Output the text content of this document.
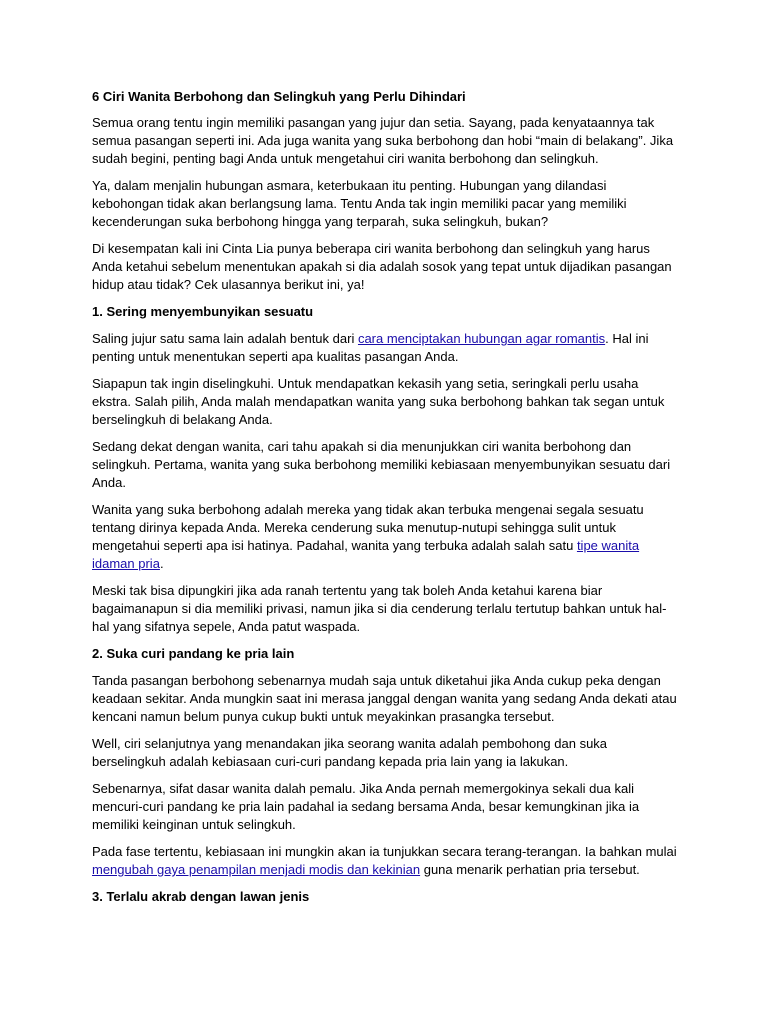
6 Ciri Wanita Berbohong dan Selingkuh yang Perlu Dihindari

Semua orang tentu ingin memiliki pasangan yang jujur dan setia. Sayang, pada kenyataannya tak semua pasangan seperti ini. Ada juga wanita yang suka berbohong dan hobi “main di belakang”. Jika sudah begini, penting bagi Anda untuk mengetahui ciri wanita berbohong dan selingkuh.

Ya, dalam menjalin hubungan asmara, keterbukaan itu penting. Hubungan yang dilandasi kebohongan tidak akan berlangsung lama. Tentu Anda tak ingin memiliki pacar yang memiliki kecenderungan suka berbohong hingga yang terparah, suka selingkuh, bukan?

Di kesempatan kali ini Cinta Lia punya beberapa ciri wanita berbohong dan selingkuh yang harus Anda ketahui sebelum menentukan apakah si dia adalah sosok yang tepat untuk dijadikan pasangan hidup atau tidak? Cek ulasannya berikut ini, ya!

1. Sering menyembunyikan sesuatu

Saling jujur satu sama lain adalah bentuk dari cara menciptakan hubungan agar romantis. Hal ini penting untuk menentukan seperti apa kualitas pasangan Anda.

Siapapun tak ingin diselingkuhi. Untuk mendapatkan kekasih yang setia, seringkali perlu usaha ekstra. Salah pilih, Anda malah mendapatkan wanita yang suka berbohong bahkan tak segan untuk berselingkuh di belakang Anda.

Sedang dekat dengan wanita, cari tahu apakah si dia menunjukkan ciri wanita berbohong dan selingkuh. Pertama, wanita yang suka berbohong memiliki kebiasaan menyembunyikan sesuatu dari Anda.

Wanita yang suka berbohong adalah mereka yang tidak akan terbuka mengenai segala sesuatu tentang dirinya kepada Anda. Mereka cenderung suka menutup-nutupi sehingga sulit untuk mengetahui seperti apa isi hatinya. Padahal, wanita yang terbuka adalah salah satu tipe wanita idaman pria.

Meski tak bisa dipungkiri jika ada ranah tertentu yang tak boleh Anda ketahui karena biar bagaimanapun si dia memiliki privasi, namun jika si dia cenderung terlalu tertutup bahkan untuk hal-hal yang sifatnya sepele, Anda patut waspada.

2. Suka curi pandang ke pria lain

Tanda pasangan berbohong sebenarnya mudah saja untuk diketahui jika Anda cukup peka dengan keadaan sekitar. Anda mungkin saat ini merasa janggal dengan wanita yang sedang Anda dekati atau kencani namun belum punya cukup bukti untuk meyakinkan prasangka tersebut.

Well, ciri selanjutnya yang menandakan jika seorang wanita adalah pembohong dan suka berselingkuh adalah kebiasaan curi-curi pandang kepada pria lain yang ia lakukan.

Sebenarnya, sifat dasar wanita dalah pemalu. Jika Anda pernah memergokinya sekali dua kali mencuri-curi pandang ke pria lain padahal ia sedang bersama Anda, besar kemungkinan jika ia memiliki keinginan untuk selingkuh.

Pada fase tertentu, kebiasaan ini mungkin akan ia tunjukkan secara terang-terangan. Ia bahkan mulai mengubah gaya penampilan menjadi modis dan kekinian guna menarik perhatian pria tersebut.

3. Terlalu akrab dengan lawan jenis
